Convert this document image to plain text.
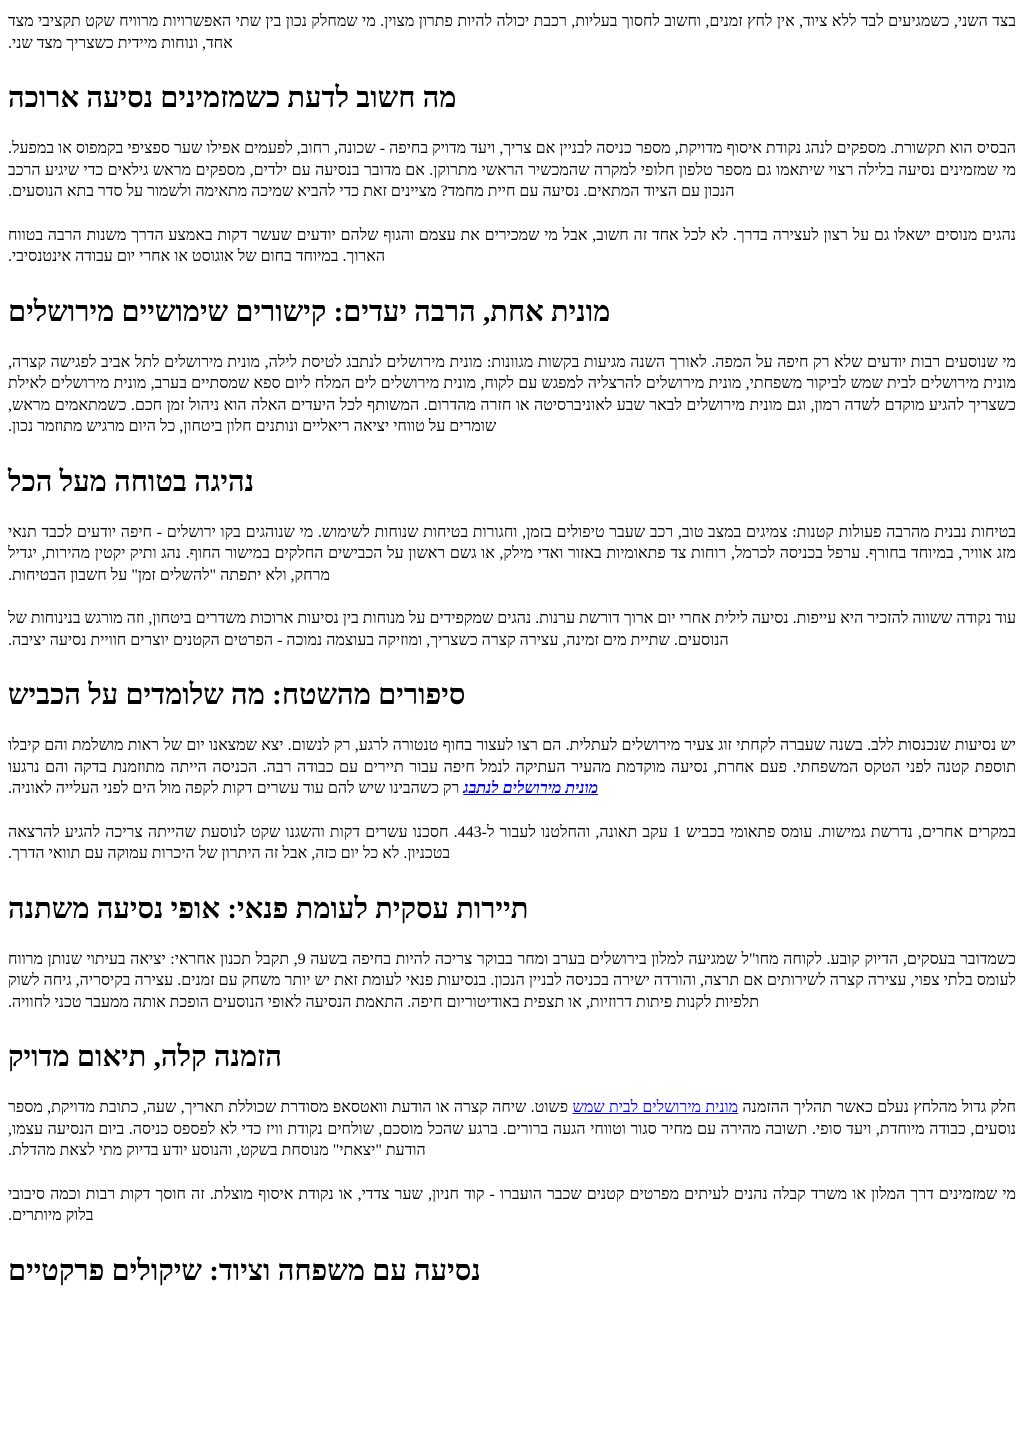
בצד השני, כשמגיעים לבד ללא ציוד, אין לחץ זמנים, וחשוב לחסוך בעליות, רכבת יכולה להיות פתרון מצוין. מי שמחלק נכון בין שתי האפשרויות מרוויח שקט תקציבי מצד אחד, ונוחות מיידית כשצריך מצד שני.

מה חשוב לדעת כשמזמינים נסיעה ארוכה

הבסיס הוא תקשורת. מספקים לנהג נקודת איסוף מדויקת, מספר כניסה לבניין אם צריך, ויעד מדויק בחיפה - שכונה, רחוב, לפעמים אפילו שער ספציפי בקמפוס או במפעל. מי שמזמינים נסיעה בלילה רצוי שיתאמו גם מספר טלפון חלופי למקרה שהמכשיר הראשי מתרוקן. אם מדובר בנסיעה עם ילדים, מספקים מראש גילאים כדי שיגיע הרכב הנכון עם הציוד המתאים. נסיעה עם חיית מחמד? מציינים זאת כדי להביא שמיכה מתאימה ולשמור על סדר בתא הנוסעים.

נהגים מנוסים ישאלו גם על רצון לעצירה בדרך. לא לכל אחד זה חשוב, אבל מי שמכירים את עצמם והגוף שלהם יודעים שעשר דקות באמצע הדרך משנות הרבה בטווח הארוך. במיוחד בחום של אוגוסט או אחרי יום עבודה אינטנסיבי.

מונית אחת, הרבה יעדים: קישורים שימושיים מירושלים

מי שנוסעים רבות יודעים שלא רק חיפה על המפה. לאורך השנה מגיעות בקשות מגוונות: מונית מירושלים לנתבג לטיסת לילה, מונית מירושלים לתל אביב לפגישה קצרה, מונית מירושלים לבית שמש לביקור משפחתי, מונית מירושלים להרצליה למפגש עם לקוח, מונית מירושלים לים המלח ליום ספא שמסתיים בערב, מונית מירושלים לאילת כשצריך להגיע מוקדם לשדה רמון, וגם מונית מירושלים לבאר שבע לאוניברסיטה או חזרה מהדרום. המשותף לכל היעדים האלה הוא ניהול זמן חכם. כשמתאמים מראש, שומרים על טווחי יציאה ריאליים ונותנים חלון ביטחון, כל היום מרגיש מתוזמר נכון.

נהיגה בטוחה מעל הכל

בטיחות נבנית מהרבה פעולות קטנות: צמיגים במצב טוב, רכב שעבר טיפולים בזמן, וחגורות בטיחות שנוחות לשימוש. מי שנוהגים בקו ירושלים - חיפה יודעים לכבד תנאי מזג אוויר, במיוחד בחורף. ערפל בכניסה לכרמל, רוחות צד פתאומיות באזור ואדי מילק, או גשם ראשון על הכבישים החלקים במישור החוף. נהג ותיק יקטין מהירות, יגדיל מרחק, ולא יתפתה "להשלים זמן" על חשבון הבטיחות.

עוד נקודה ששווה להזכיר היא עייפות. נסיעה לילית אחרי יום ארוך דורשת ערנות. נהגים שמקפידים על מנוחות בין נסיעות ארוכות משדרים ביטחון, וזה מורגש בנינוחות של הנוסעים. שתיית מים זמינה, עצירה קצרה כשצריך, ומוזיקה בעוצמה נמוכה - הפרטים הקטנים יוצרים חוויית נסיעה יציבה.

סיפורים מהשטח: מה שלומדים על הכביש

יש נסיעות שנכנסות ללב. בשנה שעברה לקחתי זוג צעיר מירושלים לעתלית. הם רצו לעצור בחוף טנטורה לרגע, רק לנשום. יצא שמצאנו יום של ראות מושלמת והם קיבלו תוספת קטנה לפני הטקס המשפחתי. פעם אחרת, נסיעה מוקדמת מהעיר העתיקה לנמל חיפה עבור תיירים עם כבודה רבה. הכניסה הייתה מתוזמנת בדקה והם נרגעו מונית מירושלים לנתבג רק כשהבינו שיש להם עוד עשרים דקות לקפה מול הים לפני העלייה לאוניה.

במקרים אחרים, נדרשת גמישות. עומס פתאומי בכביש 1 עקב תאונה, והחלטנו לעבור ל-443. חסכנו עשרים דקות והשגנו שקט לנוסעת שהייתה צריכה להגיע להרצאה בטכניון. לא כל יום כזה, אבל זה היתרון של היכרות עמוקה עם תוואי הדרך.

תיירות עסקית לעומת פנאי: אופי נסיעה משתנה

כשמדובר בעסקים, הדיוק קובע. לקוחה מחו"ל שמגיעה למלון בירושלים בערב ומחר בבוקר צריכה להיות בחיפה בשעה 9, תקבל תכנון אחראי: יציאה בעיתוי שנותן מרווח לעומס בלתי צפוי, עצירה קצרה לשירותים אם תרצה, והורדה ישירה בכניסה לבניין הנכון. בנסיעות פנאי לעומת זאת יש יותר משחק עם זמנים. עצירה בקיסריה, גיחה לשוק תלפיות לקנות פיתות דרוזיות, או תצפית באודיטוריום חיפה. התאמת הנסיעה לאופי הנוסעים הופכת אותה ממעבר טכני לחוויה.

הזמנה קלה, תיאום מדויק

חלק גדול מהלחץ נעלם כאשר תהליך ההזמנה מונית מירושלים לבית שמש פשוט. שיחה קצרה או הודעת וואטסאפ מסודרת שכוללת תאריך, שעה, כתובת מדויקת, מספר נוסעים, כבודה מיוחדת, ויעד סופי. תשובה מהירה עם מחיר סגור וטווחי הגעה ברורים. ברגע שהכל מוסכם, שולחים נקודת וויז כדי לא לפספס כניסה. ביום הנסיעה עצמו, הודעת "יצאתי" מנוסחת בשקט, והנוסע יודע בדיוק מתי לצאת מהדלת.

מי שמזמינים דרך המלון או משרד קבלה נהנים לעיתים מפרטים קטנים שכבר הועברו - קוד חניון, שער צדדי, או נקודת איסוף מוצלת. זה חוסך דקות רבות וכמה סיבובי בלוק מיותרים.

נסיעה עם משפחה וציוד: שיקולים פרקטיים
